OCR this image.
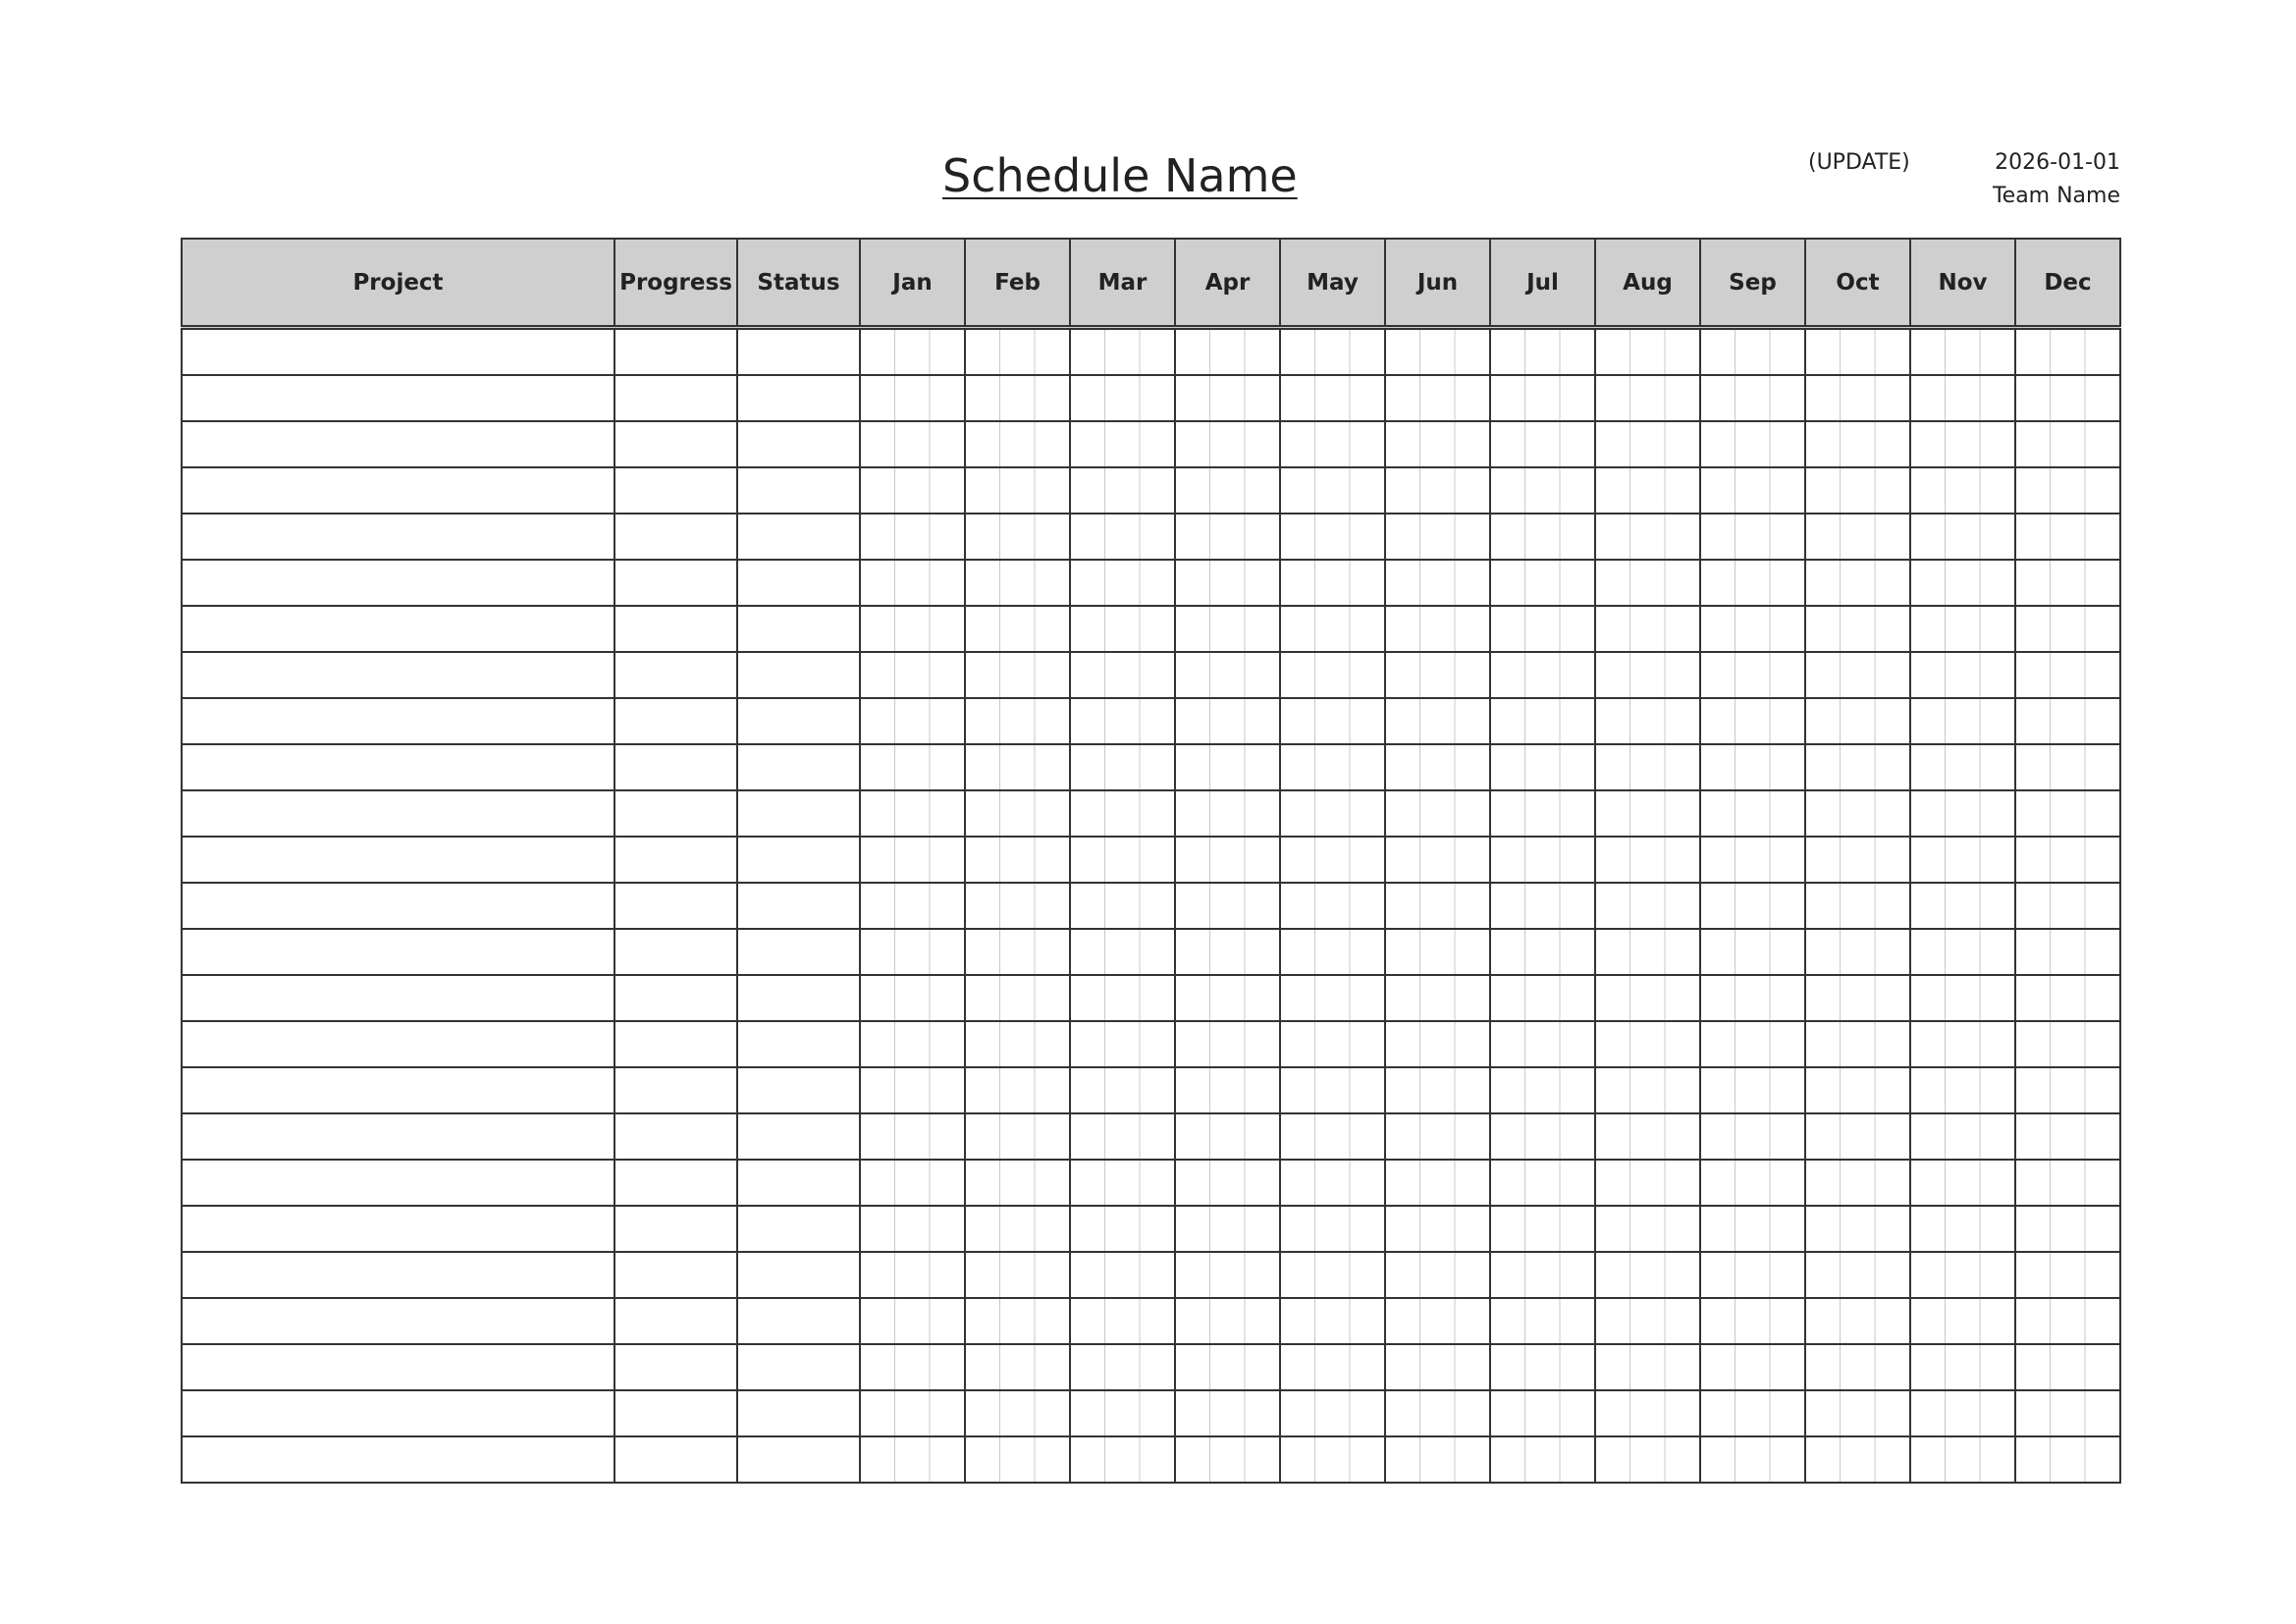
Schedule Name	(UPDATE)	2026-01-01
Team Name
Project	Progress	Status	Jan	Feb	Mar	Apr	May	Jun	Jul	Aug	Sep	Oct	Nov	Dec
